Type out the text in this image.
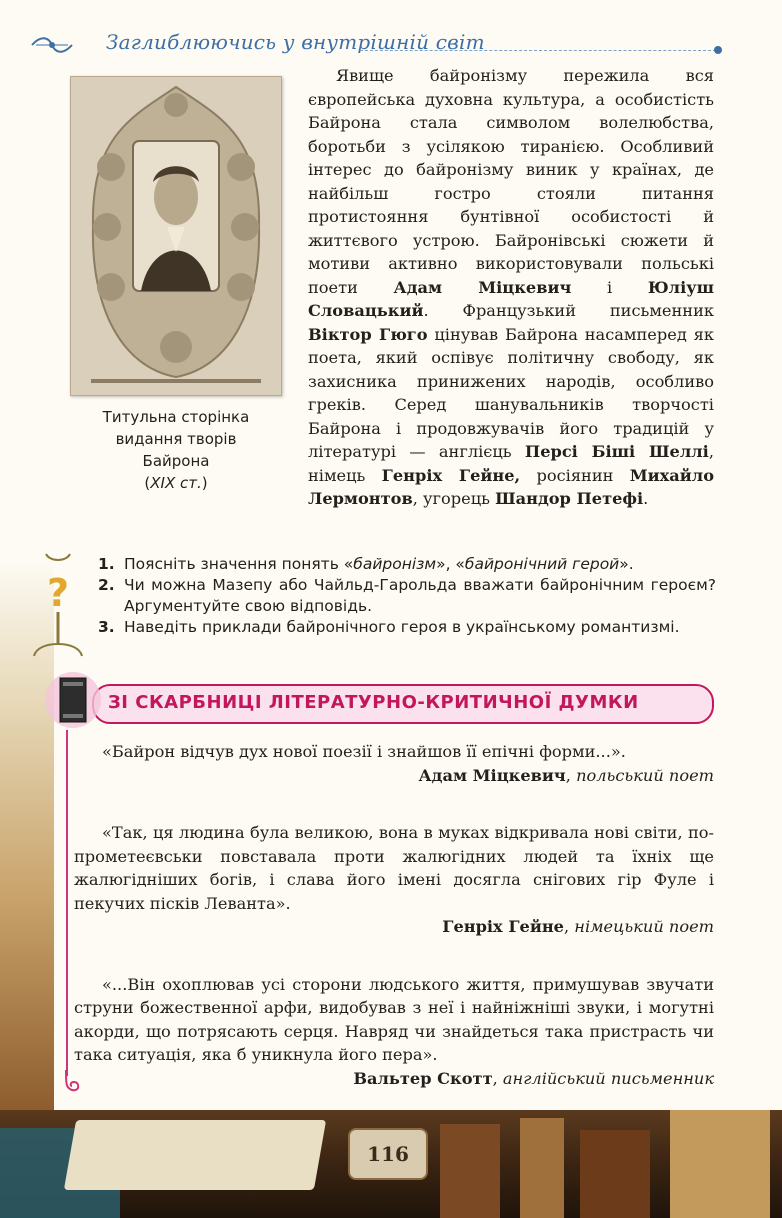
Заглиблюючись у внутрішній світ
Титульна сторінка
видання творів
Байрона
(XIX ст.)

Явище байронізму пережила вся європейська духовна культура, а особистість Байрона стала символом волелюбства, боротьби з усілякою тиранією. Особливий інтерес до байронізму виник у країнах, де найбільш гостро стояли питання протистояння бунтівної особистості й життєвого устрою. Байронівські сюжети й мотиви активно використовували польські поети Адам Міцкевич і Юліуш Словацький. Французький письменник Віктор Гюго цінував Байрона насамперед як поета, який оспівує політичну свободу, як захисника принижених народів, особливо греків. Серед шанувальників творчості Байрона і продовжувачів його традицій у літературі — англієць Персі Біші Шеллі, німець Генріх Гейне, росіянин Михайло Лермонтов, угорець Шандор Петефі.

?
1. Поясніть значення понять «байронізм», «байронічний герой».
2. Чи можна Мазепу або Чайльд-Гарольда вважати байронічним героєм? Аргументуйте свою відповідь.
3. Наведіть приклади байронічного героя в українському романтизмі.
ЗІ СКАРБНИЦІ ЛІТЕРАТУРНО-КРИТИЧНОЇ ДУМКИ

«Байрон відчув дух нової поезії і знайшов її епічні форми...».

Адам Міцкевич, польський поет

«Так, ця людина була великою, вона в муках відкривала нові світи, по-прометеєвськи повставала проти жалюгідних людей та їхніх ще жалюгідніших богів, і слава його імені досягла снігових гір Фуле і пекучих пісків Леванта».

Генріх Гейне, німецький поет

«...Він охоплював усі сторони людського життя, примушував звучати струни божественної арфи, видобував з неї і найніжніші звуки, і могутні акорди, що потрясають серця. Навряд чи знайдеться така пристрасть чи така ситуація, яка б уникнула його пера».

Вальтер Скотт, англійський письменник

116
